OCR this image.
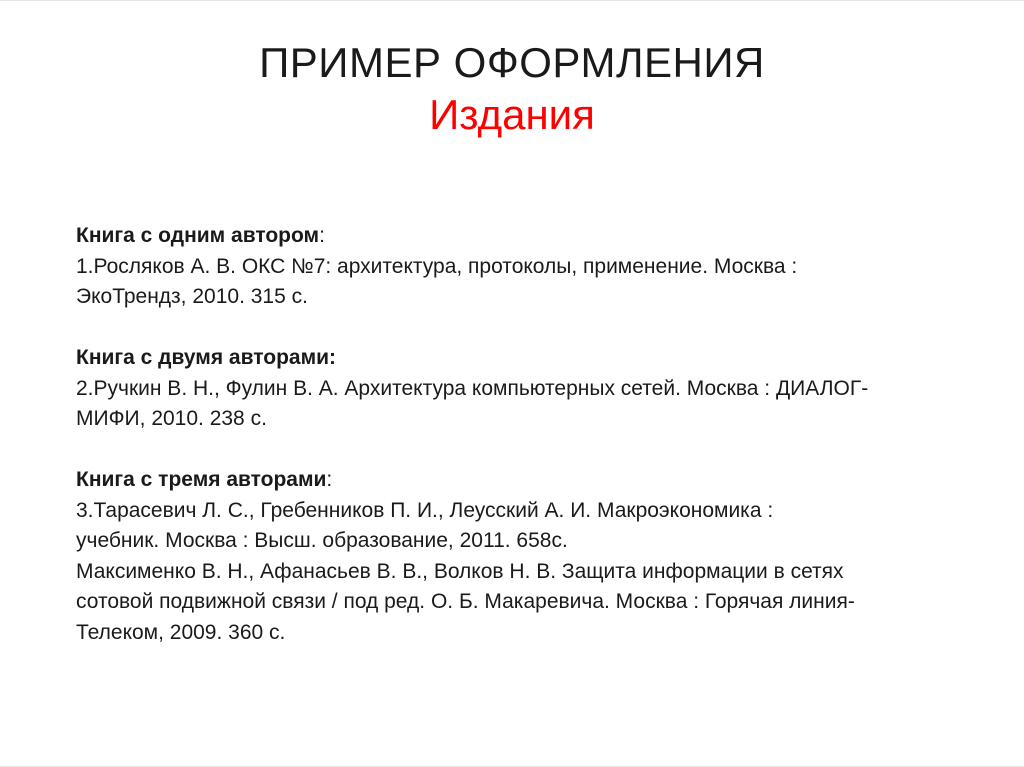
ПРИМЕР ОФОРМЛЕНИЯ
Издания
Книга с одним автором:
1.Росляков А. В. ОКС №7: архитектура, протоколы, применение. Москва :
ЭкоТрендз, 2010. 315 с.
Книга с двумя авторами:
2.Ручкин В. Н., Фулин В. А. Архитектура компьютерных сетей. Москва : ДИАЛОГ-
МИФИ, 2010. 238 с.
Книга с тремя авторами:
3.Тарасевич Л. С., Гребенников П. И., Леусский А. И. Макроэкономика :
учебник. Москва : Высш. образование, 2011. 658с.
Максименко В. Н., Афанасьев В. В., Волков Н. В. Защита информации в сетях
сотовой подвижной связи / под ред. О. Б. Макаревича. Москва : Горячая линия-
Телеком, 2009. 360 с.
